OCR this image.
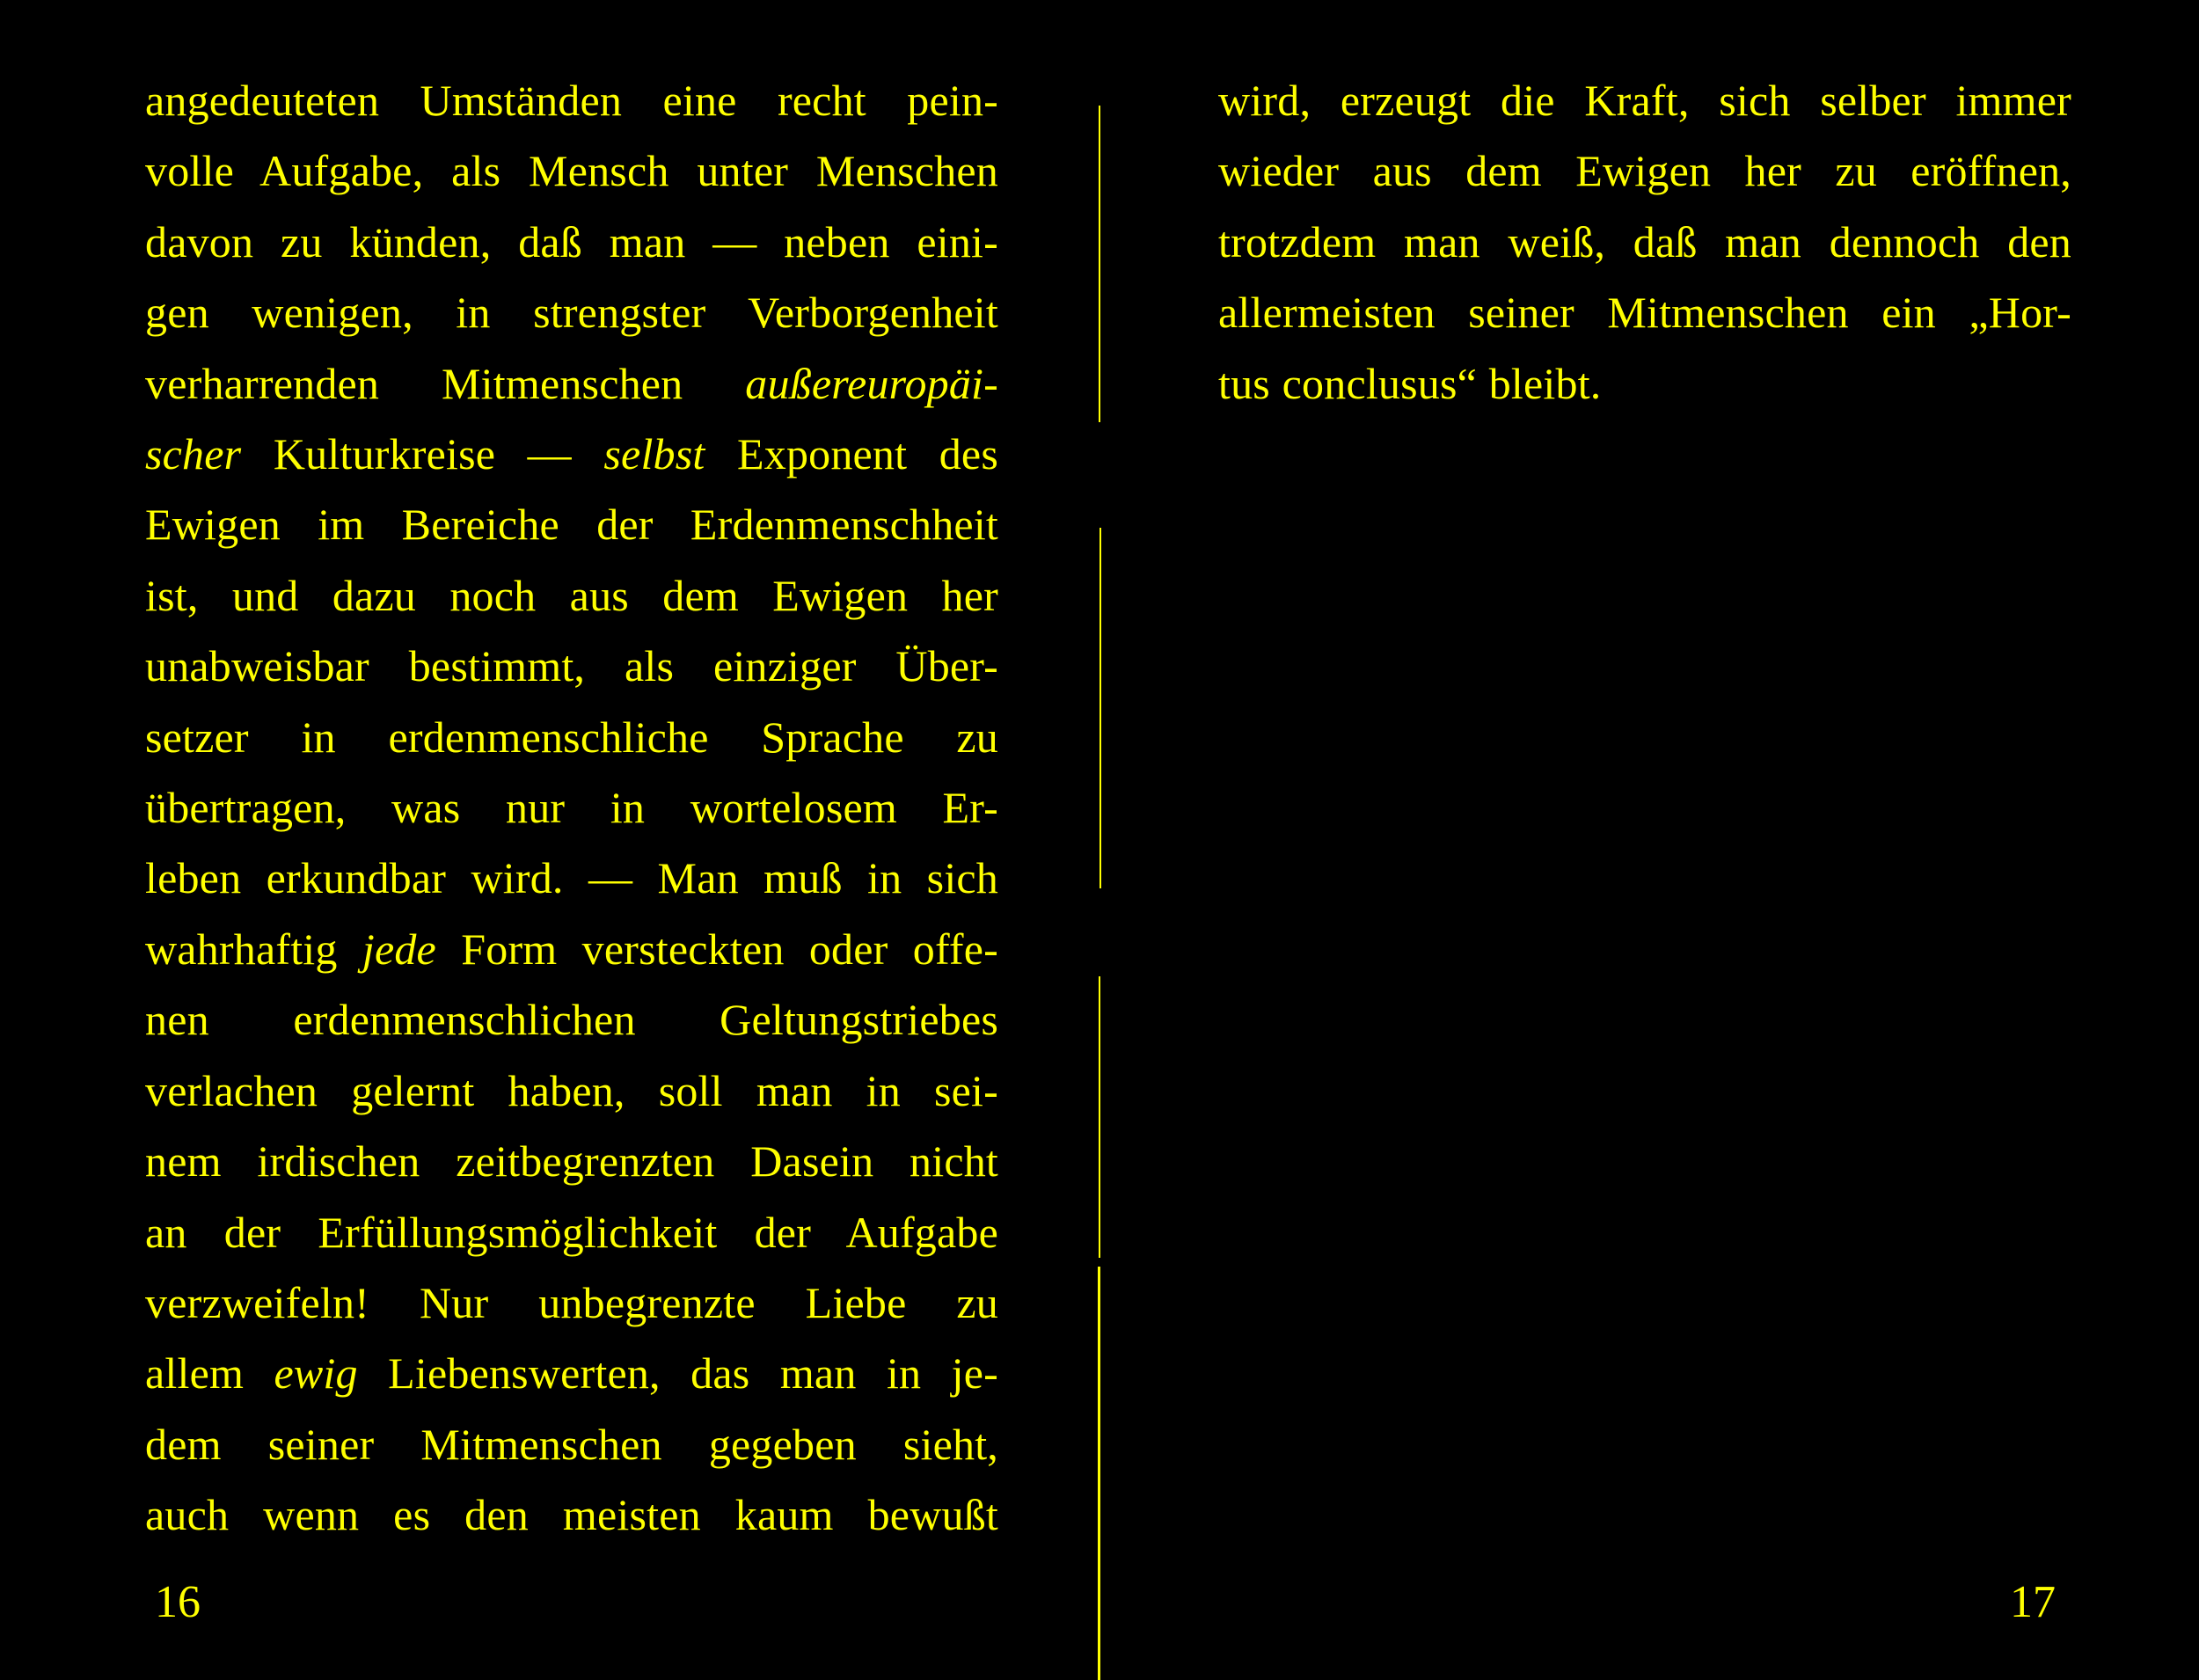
angedeuteten Umständen eine recht pein-
volle Aufgabe, als Mensch unter Menschen
davon zu künden, daß man — neben eini-
gen wenigen, in strengster Verborgenheit
verharrenden Mitmenschen außereuropäi-
scher Kulturkreise — selbst Exponent des
Ewigen im Bereiche der Erdenmenschheit
ist, und dazu noch aus dem Ewigen her
unabweisbar bestimmt, als einziger Über-
setzer in erdenmenschliche Sprache zu
übertragen, was nur in wortelosem Er-
leben erkundbar wird. — Man muß in sich
wahrhaftig jede Form versteckten oder offe-
nen erdenmenschlichen Geltungstriebes
verlachen gelernt haben, soll man in sei-
nem irdischen zeitbegrenzten Dasein nicht
an der Erfüllungsmöglichkeit der Aufgabe
verzweifeln! Nur unbegrenzte Liebe zu
allem ewig Liebenswerten, das man in je-
dem seiner Mitmenschen gegeben sieht,
auch wenn es den meisten kaum bewußt
16
wird, erzeugt die Kraft, sich selber immer
wieder aus dem Ewigen her zu eröffnen,
trotzdem man weiß, daß man dennoch den
allermeisten seiner Mitmenschen ein „Hor-
tus conclusus“ bleibt.
17
